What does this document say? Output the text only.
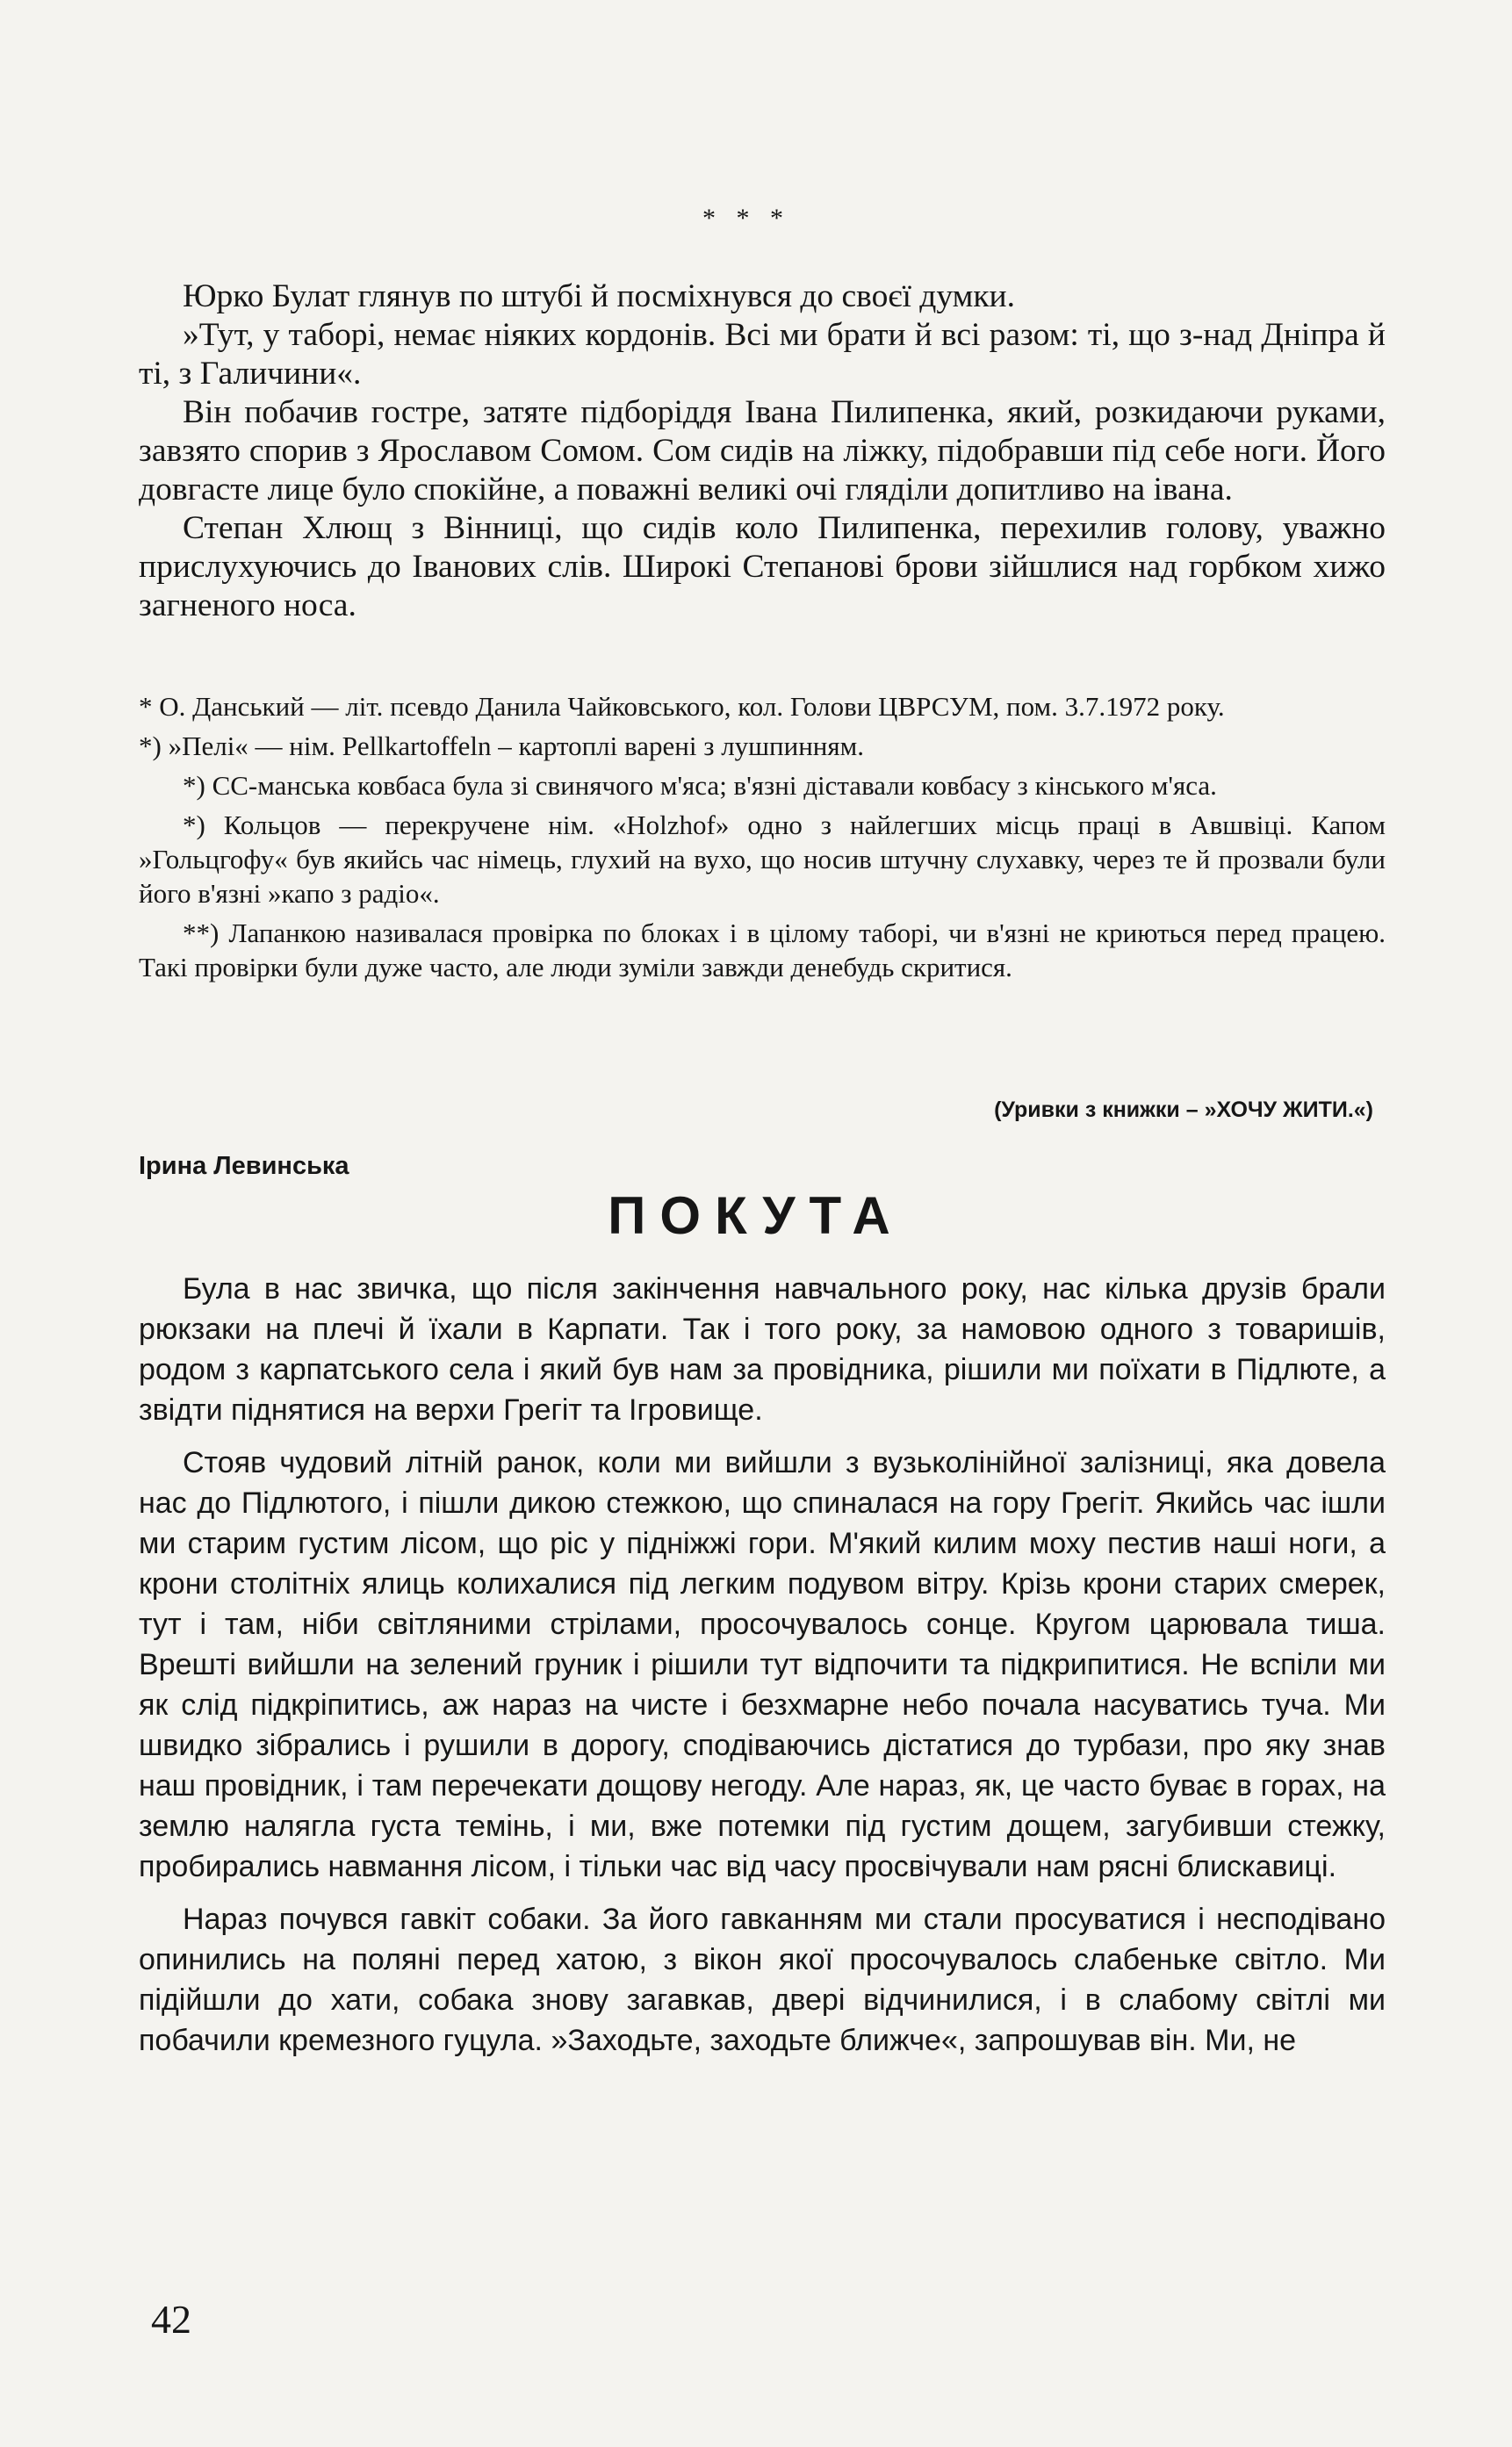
* * *

Юрко Булат глянув по штубі й посміхнувся до своєї думки.

»Тут, у таборі, немає ніяких кордонів. Всі ми брати й всі разом: ті, що з-над Дніпра й ті, з Галичини«.

Він побачив гостре, затяте підборіддя Івана Пилипенка, який, розкидаючи руками, завзято спорив з Ярославом Сомом. Сом сидів на ліжку, підобравши під себе ноги. Його довгасте лице було спокійне, а поважні великі очі гляділи допитливо на івана.

Степан Хлющ з Вінниці, що сидів коло Пилипенка, перехилив голову, уважно прислухуючись до Іванових слів. Широкі Степанові брови зійшлися над горбком хижо загненого носа.

* О. Данський — літ. псевдо Данила Чайковського, кол. Голови ЦВРСУМ, пом. 3.7.1972 року.

*) »Пелі« — нім. Pellkartoffeln – картоплі варені з лушпинням.

*) СС-манська ковбаса була зі свинячого м'яса; в'язні діставали ковбасу з кінського м'яса.

*) Кольцов — перекручене нім. «Holzhof» одно з найлегших місць праці в Авшвіці. Капом »Гольцгофу« був якийсь час німець, глухий на вухо, що носив штучну слухавку, через те й прозвали були його в'язні »капо з радіо«.

**) Лапанкою називалася провірка по блоках і в цілому таборі, чи в'язні не криються перед працею. Такі провірки були дуже часто, але люди зуміли завжди денебудь скритися.

(Уривки з книжки – »ХОЧУ ЖИТИ.«)
Ірина Левинська
ПОКУТА

Була в нас звичка, що після закінчення навчального року, нас кілька друзів брали рюкзаки на плечі й їхали в Карпати. Так і того року, за намовою одного з товаришів, родом з карпатського села і який був нам за провідника, рішили ми поїхати в Підлюте, а звідти піднятися на верхи Грегіт та Ігровище.

Стояв чудовий літній ранок, коли ми вийшли з вузьколінійної залізниці, яка довела нас до Підлютого, і пішли дикою стежкою, що спиналася на гору Грегіт. Якийсь час ішли ми старим густим лісом, що ріс у підніжжі гори. М'який килим моху пестив наші ноги, а крони столітніх ялиць колихалися під легким подувом вітру. Крізь крони старих смерек, тут і там, ніби світляними стрілами, просочувалось сонце. Кругом царювала тиша. Врешті вийшли на зелений груник і рішили тут відпочити та підкрипитися. Не вспіли ми як слід підкріпитись, аж нараз на чисте і безхмарне небо почала насуватись туча. Ми швидко зібрались і рушили в дорогу, сподіваючись дістатися до турбази, про яку знав наш провідник, і там перечекати дощову негоду. Але нараз, як, це часто буває в горах, на землю налягла густа темінь, і ми, вже потемки під густим дощем, загубивши стежку, пробирались навмання лісом, і тільки час від часу просвічували нам рясні блискавиці.

Нараз почувся гавкіт собаки. За його гавканням ми стали просуватися і несподівано опинились на поляні перед хатою, з вікон якої просочувалось слабеньке світло. Ми підійшли до хати, собака знову загавкав, двері відчинилися, і в слабому світлі ми побачили кремезного гуцула. »Заходьте, заходьте ближче«, запрошував він. Ми, не

42
